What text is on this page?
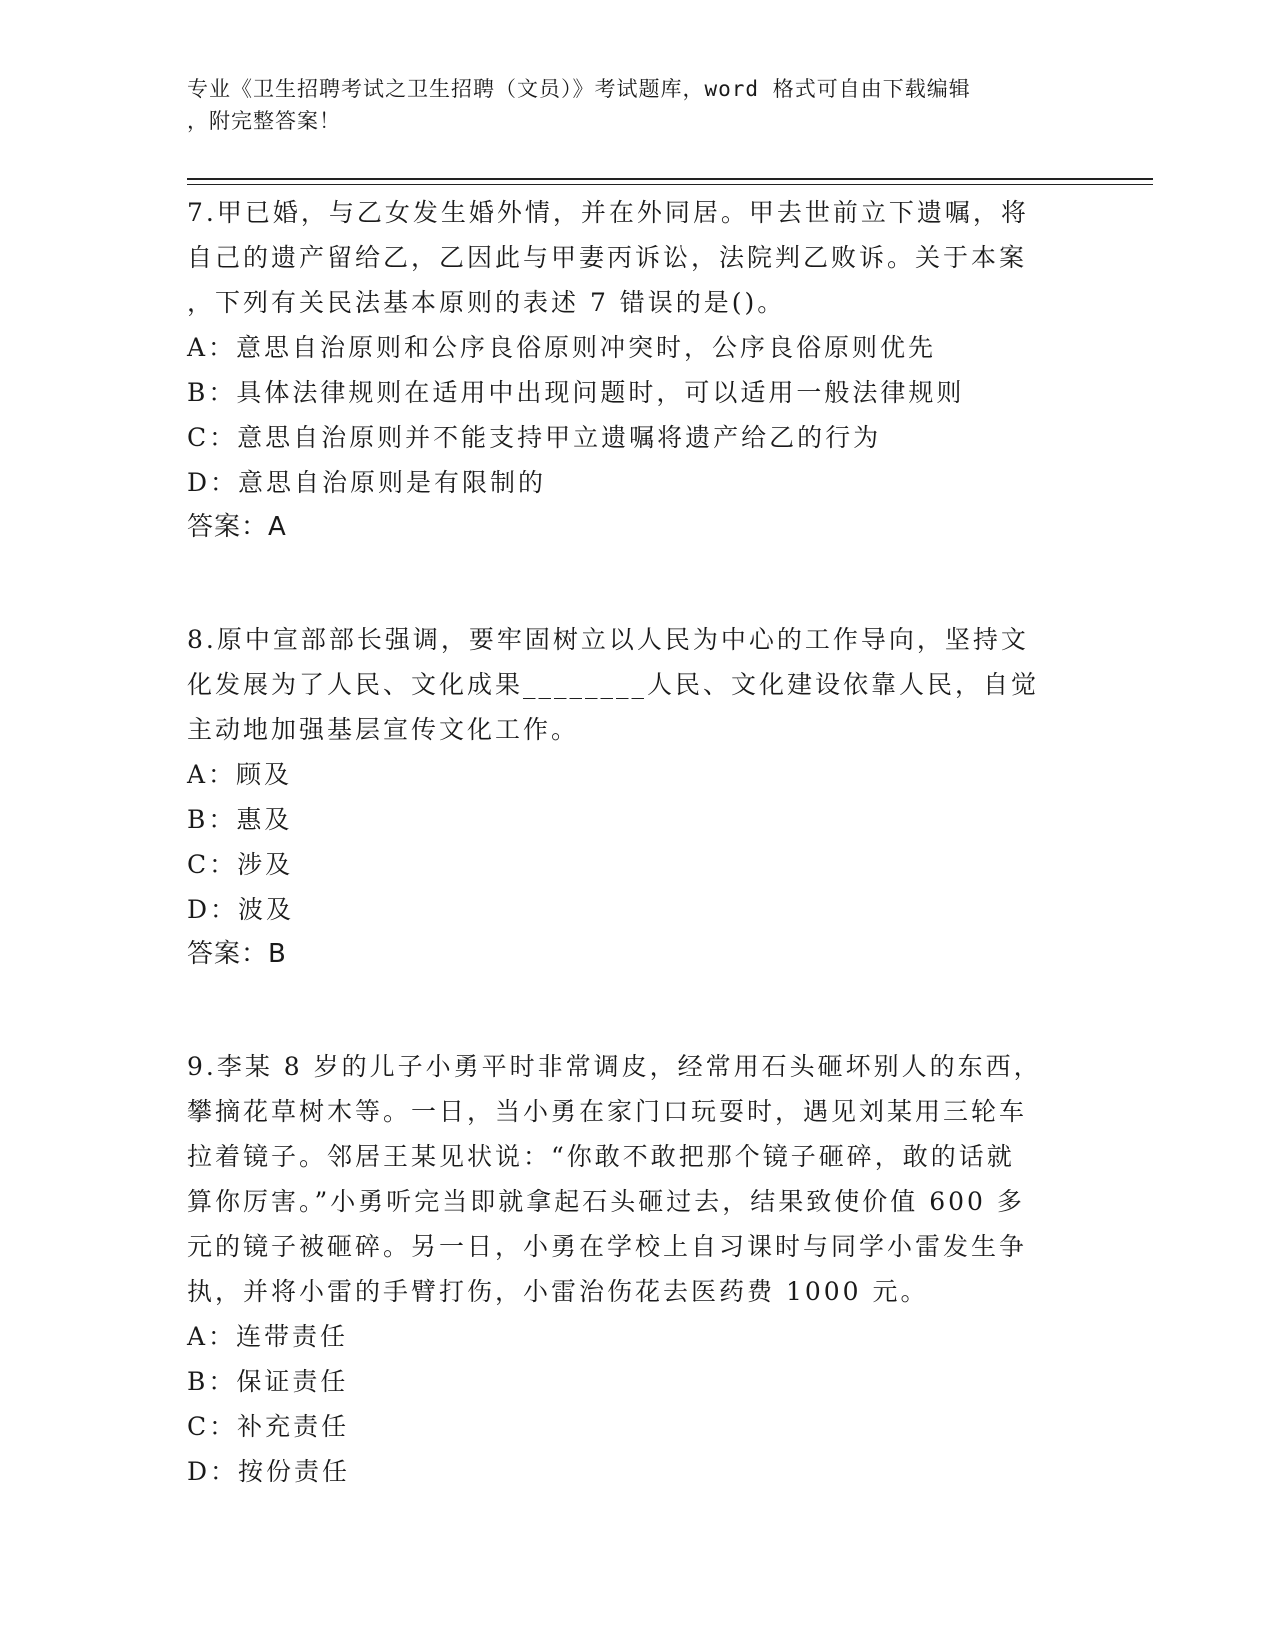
专业《卫生招聘考试之卫生招聘（文员）》考试题库，word 格式可自由下载编辑
，附完整答案！
7.甲已婚，与乙女发生婚外情，并在外同居。甲去世前立下遗嘱，将
自己的遗产留给乙，乙因此与甲妻丙诉讼，法院判乙败诉。关于本案
，下列有关民法基本原则的表述 7 错误的是()。
A：意思自治原则和公序良俗原则冲突时，公序良俗原则优先
B：具体法律规则在适用中出现问题时，可以适用一般法律规则
C：意思自治原则并不能支持甲立遗嘱将遗产给乙的行为
D：意思自治原则是有限制的
答案：A
8.原中宣部部长强调，要牢固树立以人民为中心的工作导向，坚持文
化发展为了人民、文化成果________人民、文化建设依靠人民，自觉
主动地加强基层宣传文化工作。
A：顾及
B：惠及
C：涉及
D：波及
答案：B
9.李某 8 岁的儿子小勇平时非常调皮，经常用石头砸坏别人的东西，
攀摘花草树木等。一日，当小勇在家门口玩耍时，遇见刘某用三轮车
拉着镜子。邻居王某见状说：“你敢不敢把那个镜子砸碎，敢的话就
算你厉害。”小勇听完当即就拿起石头砸过去，结果致使价值 600 多
元的镜子被砸碎。另一日，小勇在学校上自习课时与同学小雷发生争
执，并将小雷的手臂打伤，小雷治伤花去医药费 1000 元。
A：连带责任
B：保证责任
C：补充责任
D：按份责任
